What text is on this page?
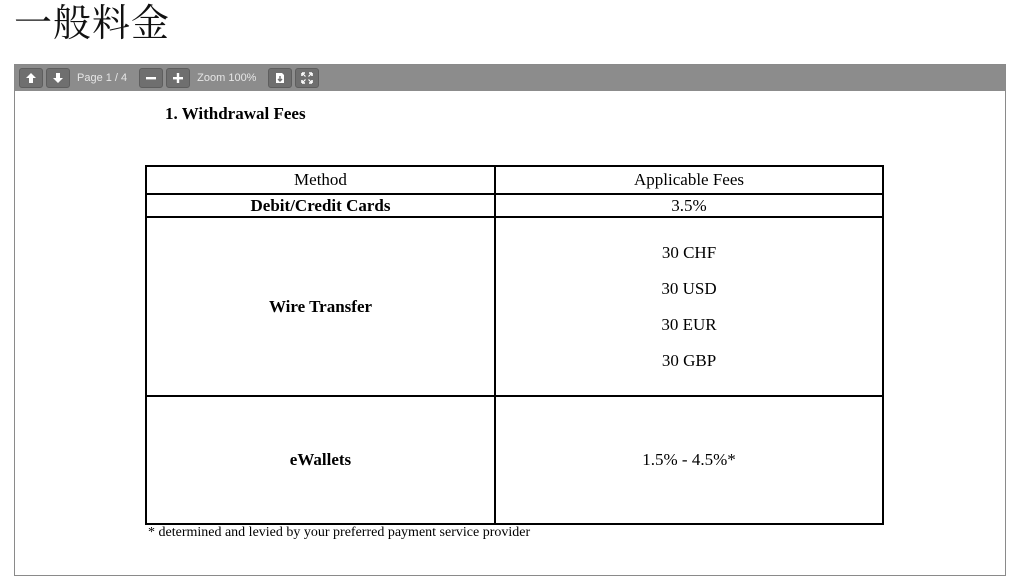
一般料金
Page 1 / 4	Zoom 100%
1. Withdrawal Fees
Method	Applicable Fees
Debit/Credit Cards	3.5%
Wire Transfer	30 CHF
30 USD
30 EUR
30 GBP

eWallets	1.5% - 4.5%*
* determined and levied by your preferred payment service provider
